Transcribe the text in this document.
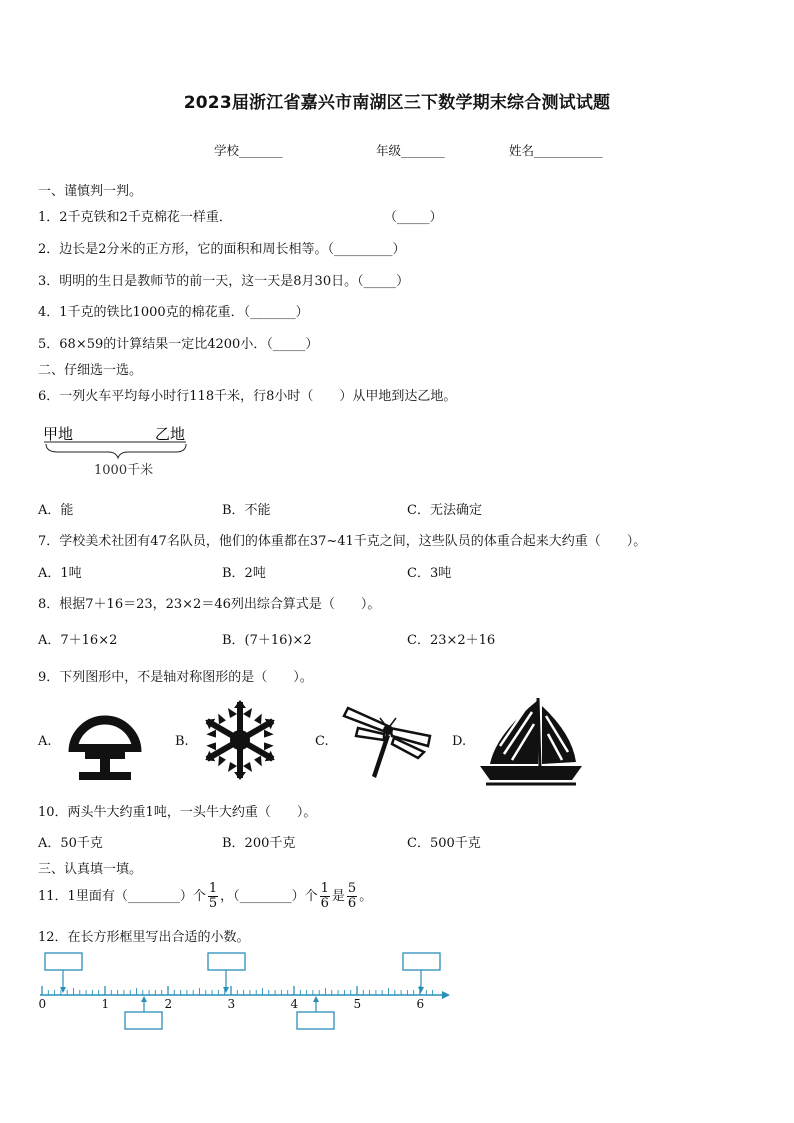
2023届浙江省嘉兴市南湖区三下数学期末综合测试试题
学校_______	年级_______	姓名___________
一、谨慎判一判。
1．2千克铁和2千克棉花一样重．	（_____）
2．边长是2分米的正方形，它的面积和周长相等。（_________）
3．明明的生日是教师节的前一天，这一天是8月30日。（_____）
4．1千克的铁比1000克的棉花重．（_______）
5．68×59的计算结果一定比4200小．（_____）
二、仔细选一选。
6．一列火车平均每小时行118千米，行8小时（　　）从甲地到达乙地。
甲地	乙地
1000千米
A．能	B．不能	C．无法确定
7．学校美术社团有47名队员，他们的体重都在37~41千克之间，这些队员的体重合起来大约重（　　）。
A．1吨	B．2吨	C．3吨
8．根据7＋16＝23，23×2＝46列出综合算式是（　　）。
A．7＋16×2	B．(7＋16)×2	C．23×2＋16
9．下列图形中，不是轴对称图形的是（　　）。
A.	B.	C.	D.
10．两头牛大约重1吨，一头牛大约重（　　）。
A．50千克	B．200千克	C．500千克
三、认真填一填。
11．1里面有（________）个 $\frac{1}{5}$ ，（________）个 $\frac{1}{6}$ 是 $\frac{5}{6}$ 。
12．在长方形框里写出合适的小数。
0	1	2	3	4	5	6
